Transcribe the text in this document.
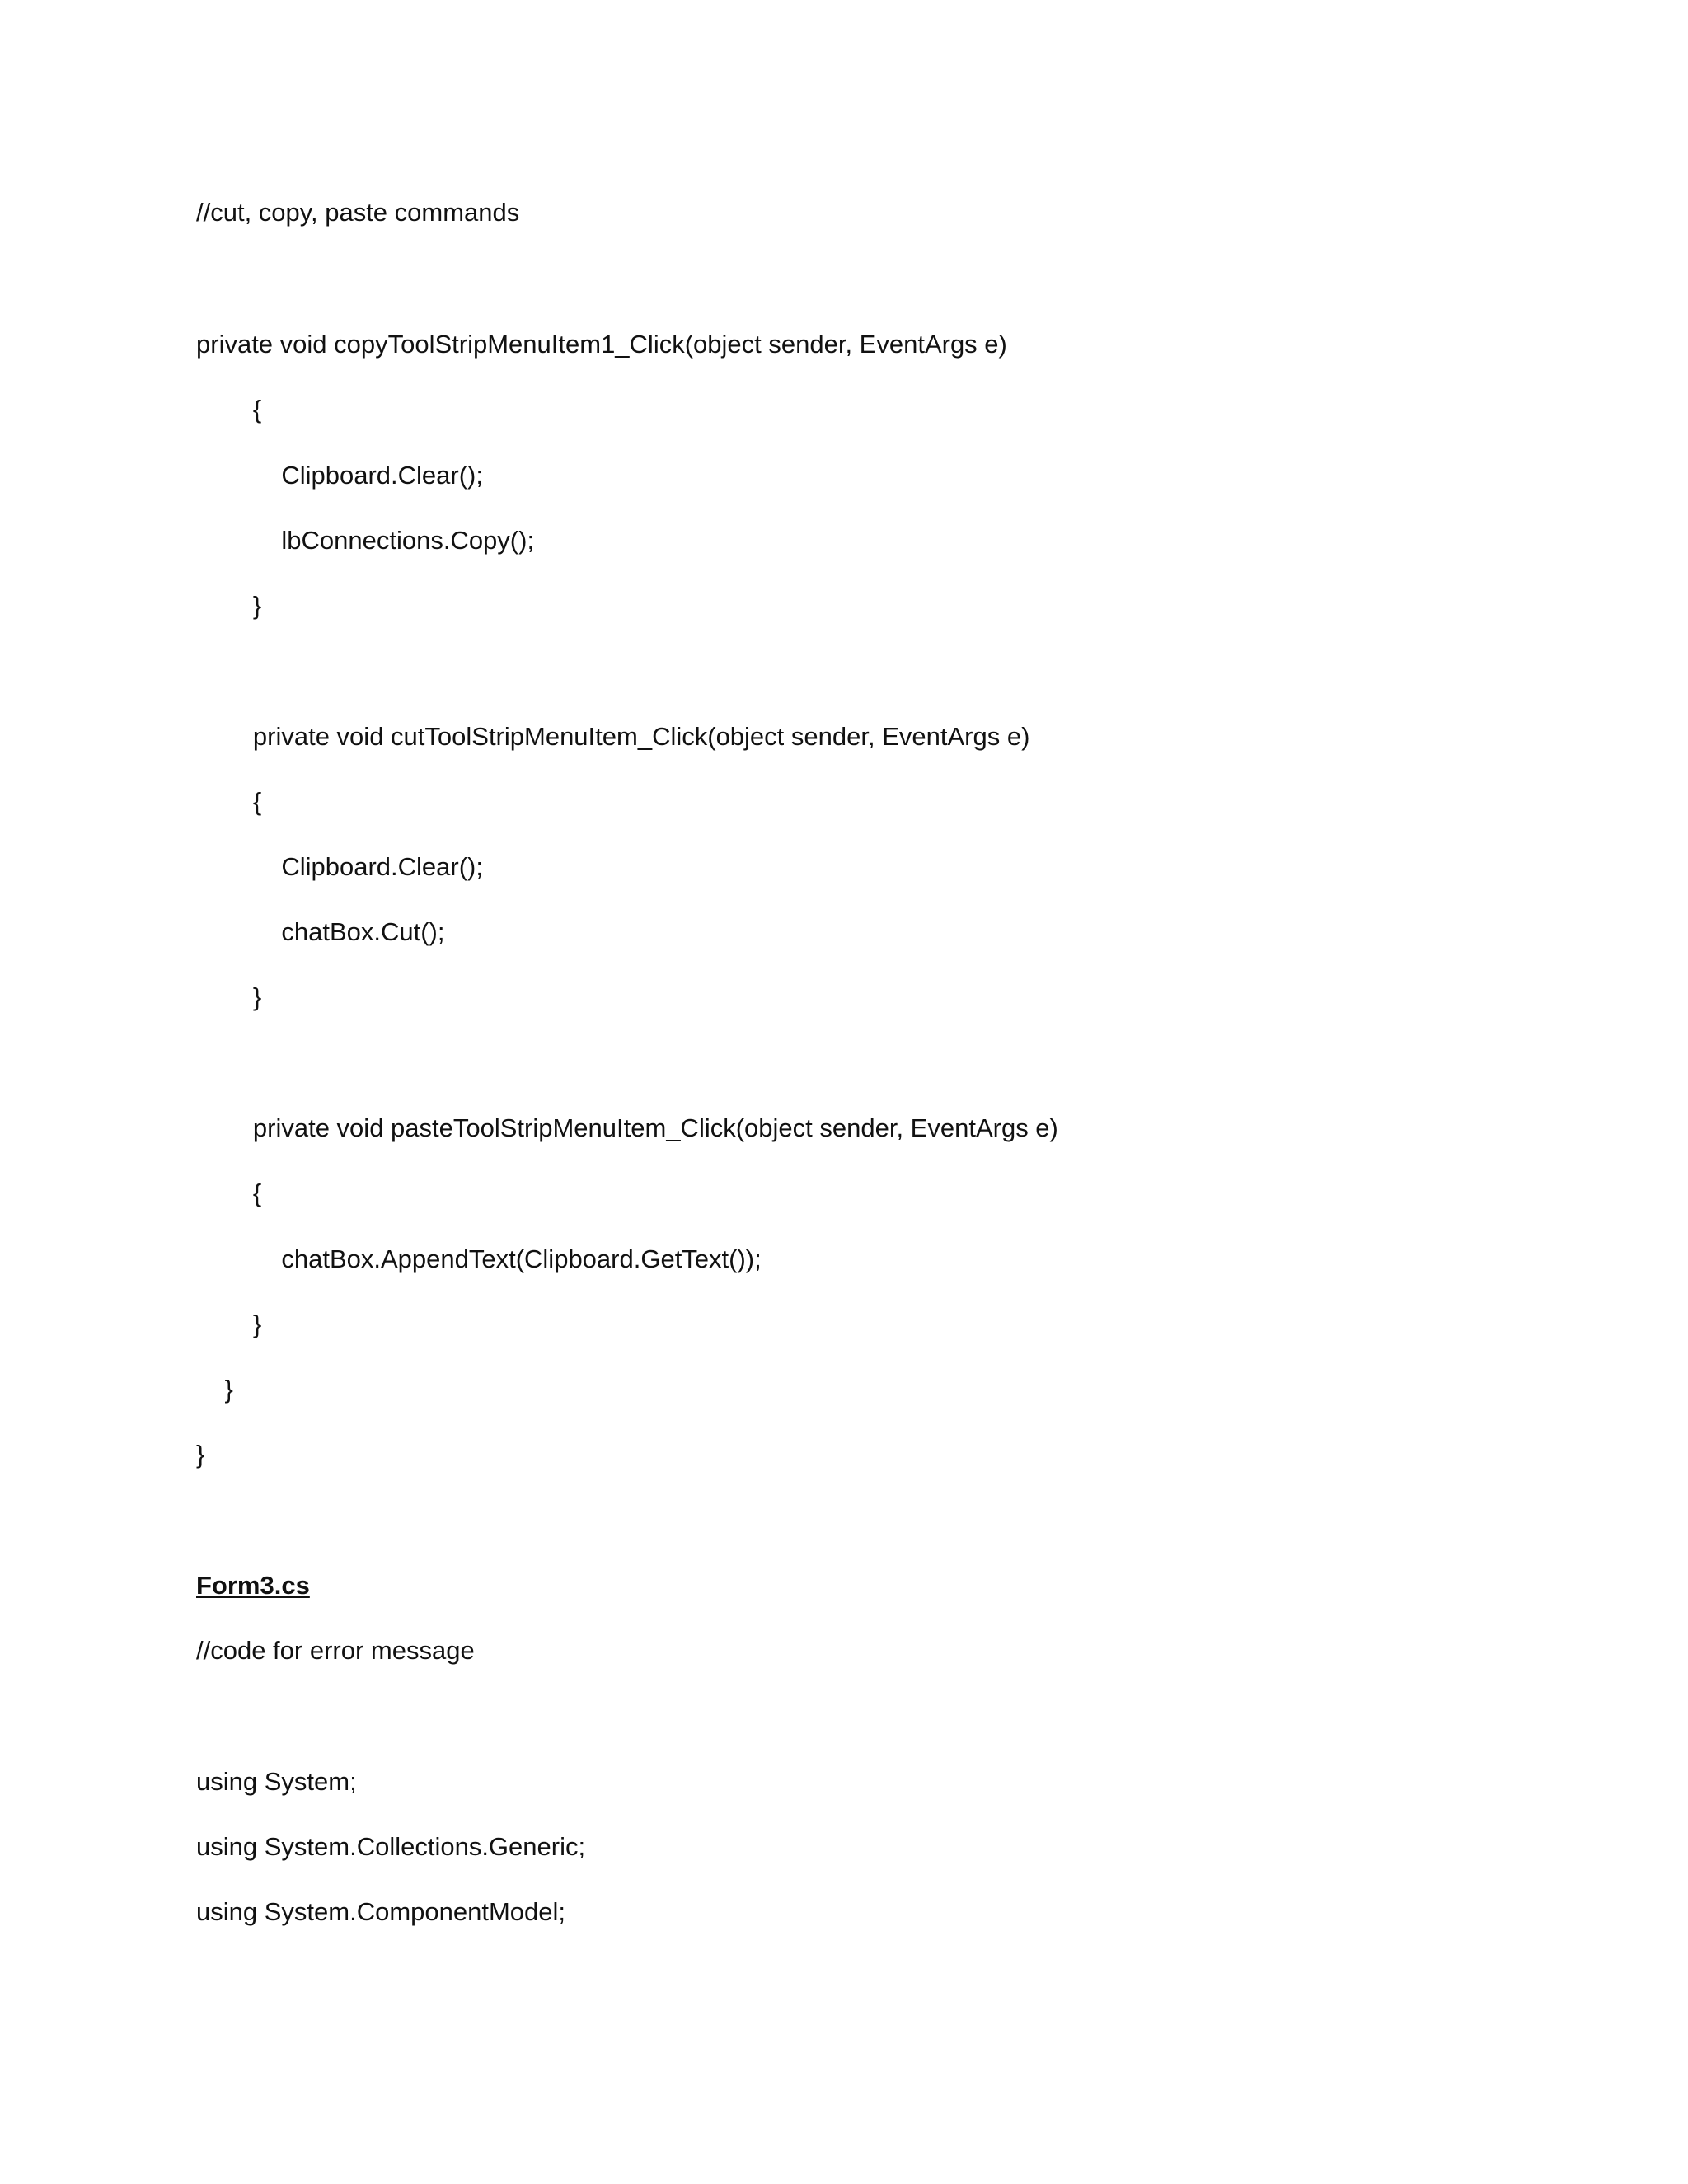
//cut, copy, paste commands
private void copyToolStripMenuItem1_Click(object sender, EventArgs e)
{
Clipboard.Clear();
lbConnections.Copy();
}
private void cutToolStripMenuItem_Click(object sender, EventArgs e)
{
Clipboard.Clear();
chatBox.Cut();
}
private void pasteToolStripMenuItem_Click(object sender, EventArgs e)
{
chatBox.AppendText(Clipboard.GetText());
}
}
}
Form3.cs
//code for error message
using System;
using System.Collections.Generic;
using System.ComponentModel;
